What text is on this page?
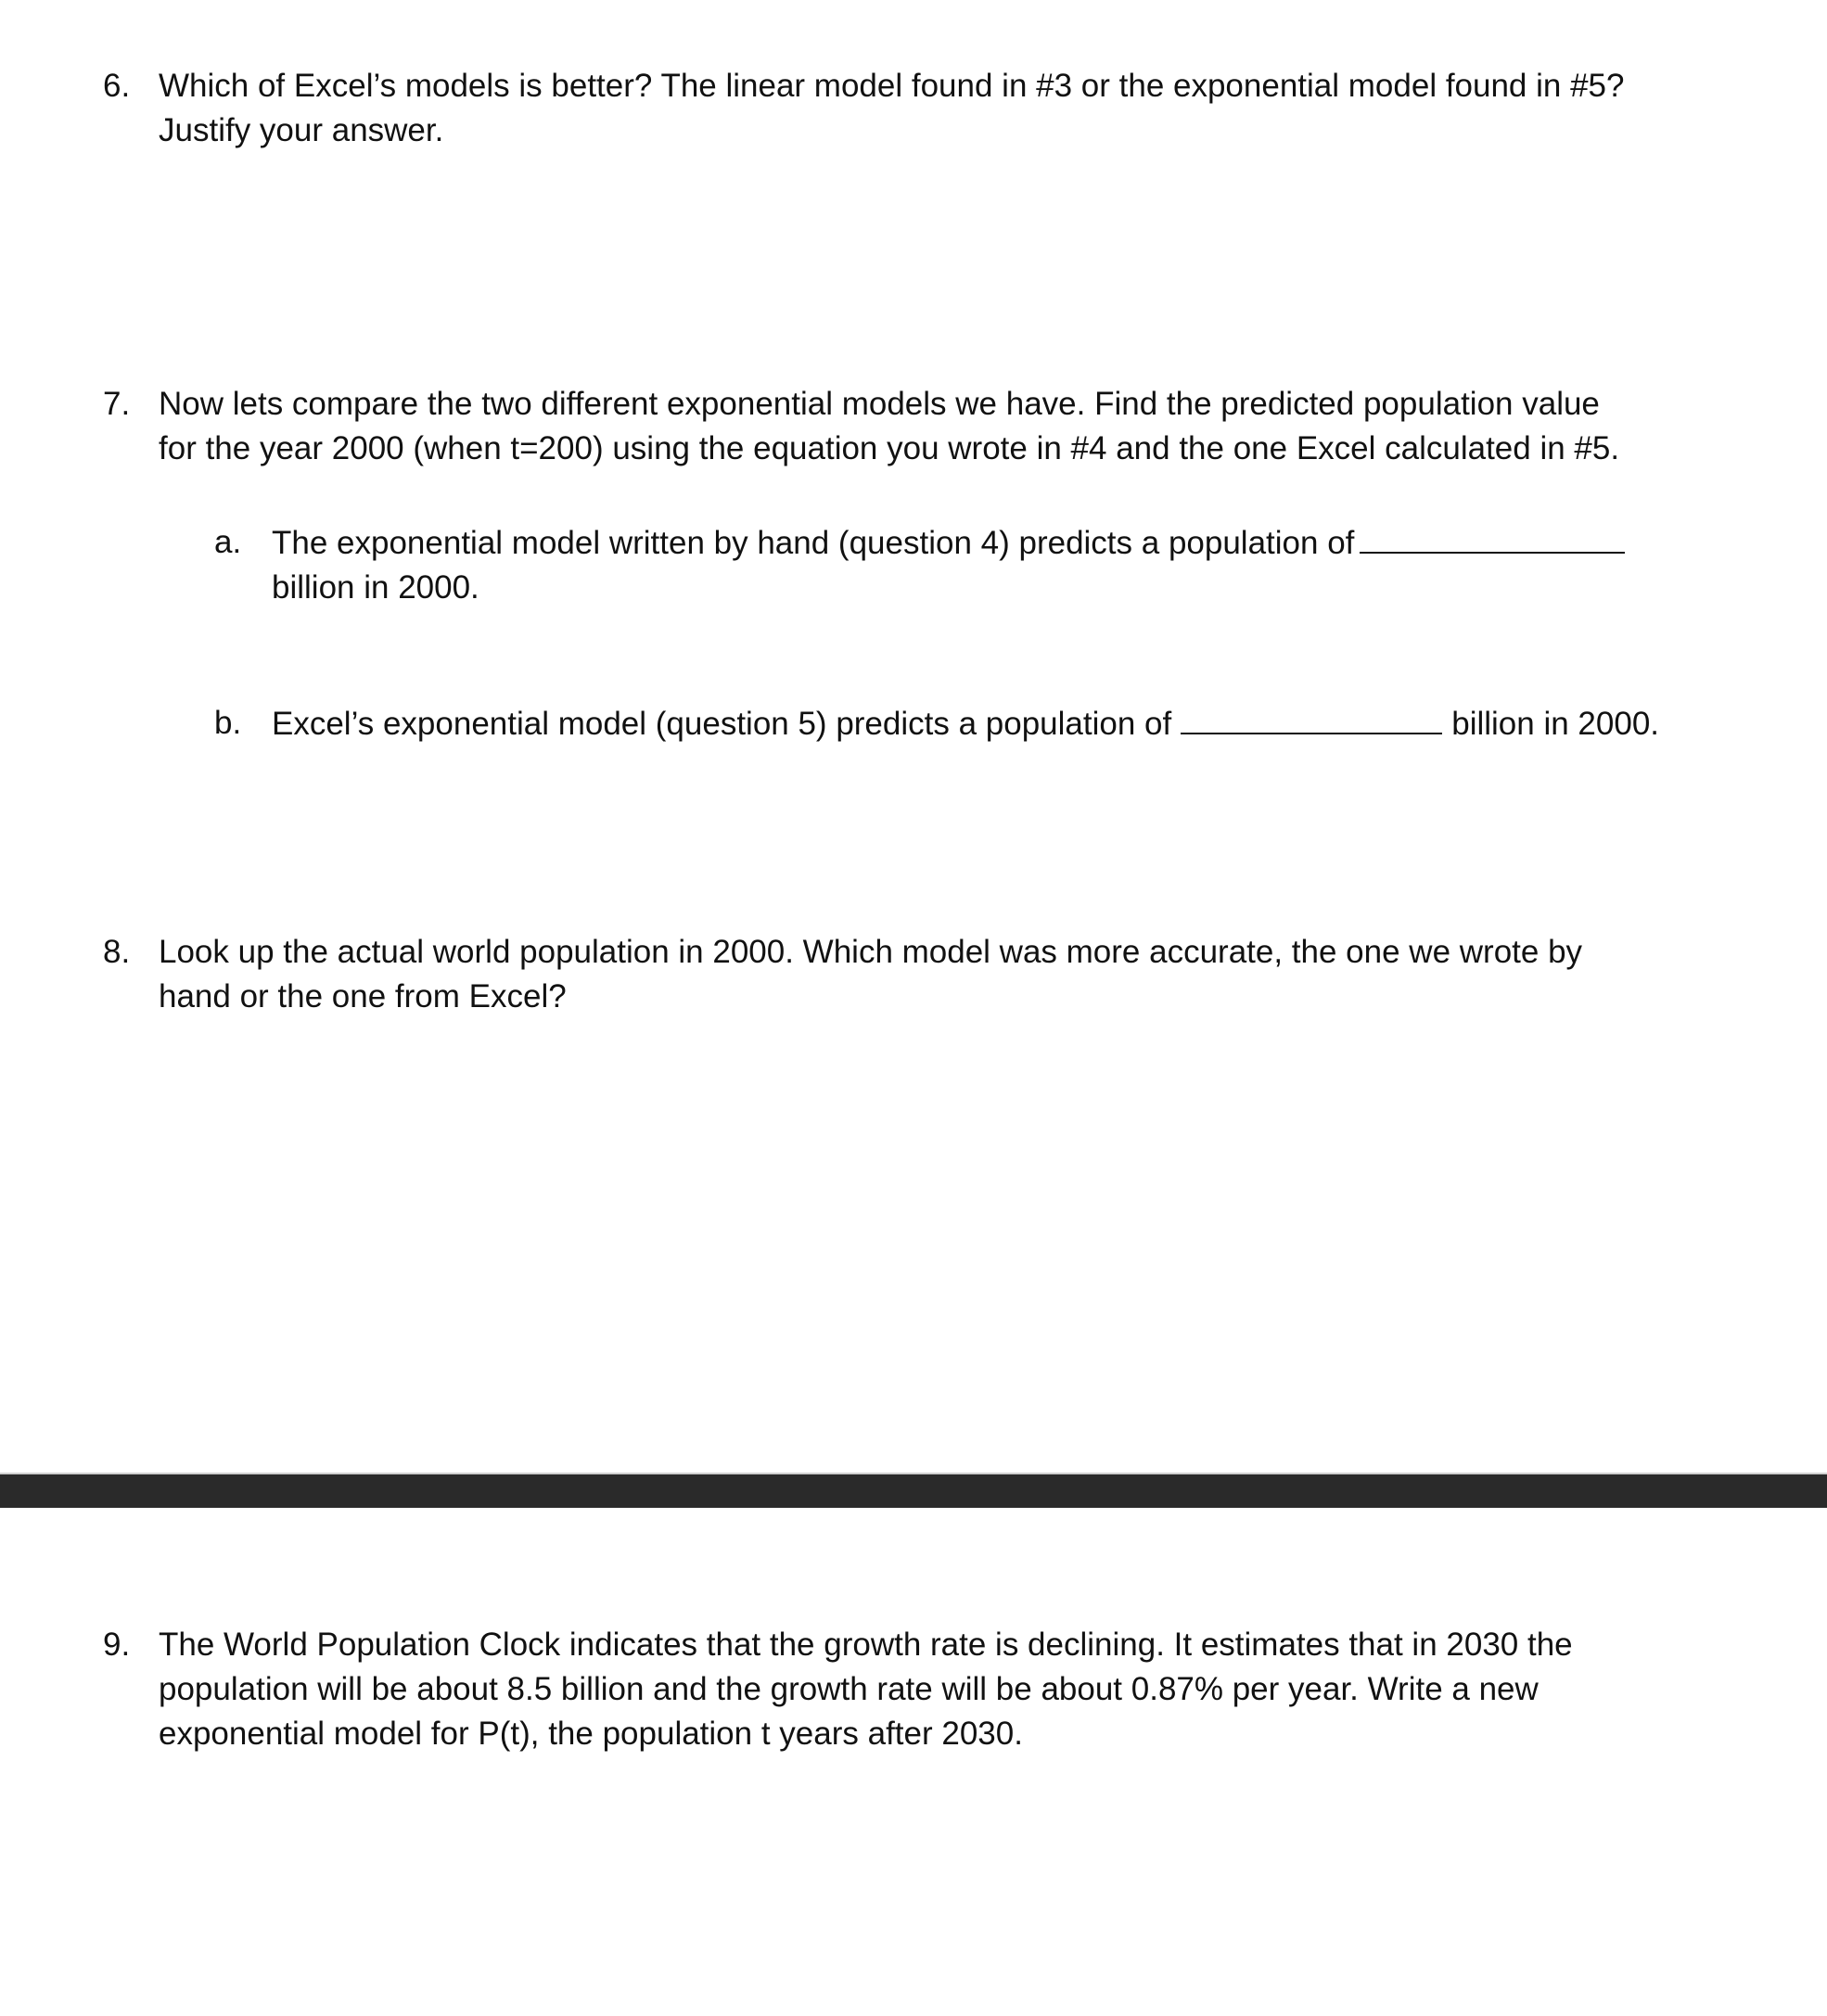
6. Which of Excel’s models is better? The linear model found in #3 or the exponential model found in #5?
Justify your answer.
7. Now lets compare the two different exponential models we have. Find the predicted population value
for the year 2000 (when t=200) using the equation you wrote in #4 and the one Excel calculated in #5.
a. The exponential model written by hand (question 4) predicts a population of
billion in 2000.
b. Excel’s exponential model (question 5) predicts a population of	billion in 2000.
8. Look up the actual world population in 2000. Which model was more accurate, the one we wrote by
hand or the one from Excel?
9. The World Population Clock indicates that the growth rate is declining. It estimates that in 2030 the
population will be about 8.5 billion and the growth rate will be about 0.87% per year. Write a new
exponential model for P(t), the population t years after 2030.
